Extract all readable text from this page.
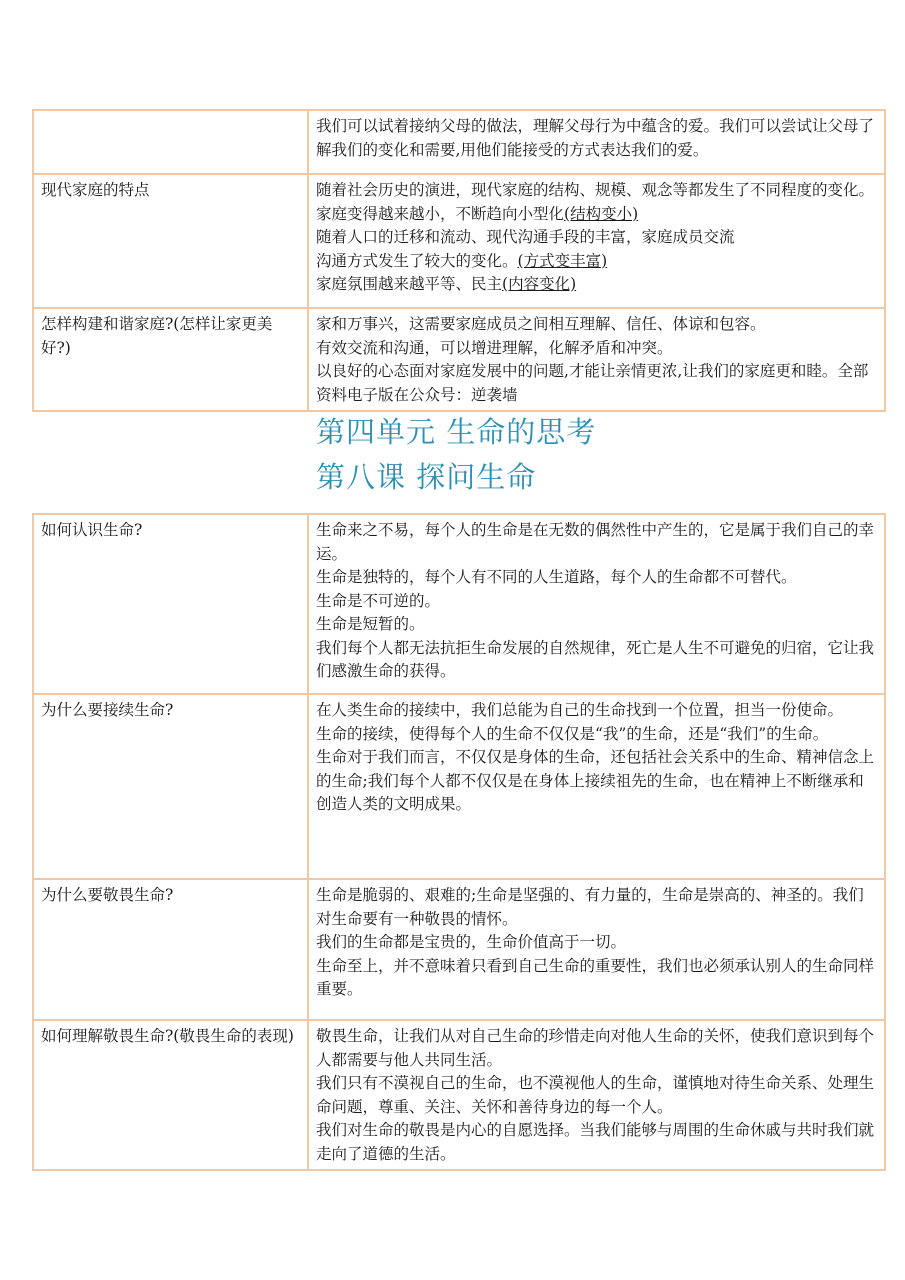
	我们可以试着接纳父母的做法，理解父母行为中蕴含的爱。我们可以尝试让父母了解我们的变化和需要,用他们能接受的方式表达我们的爱。

现代家庭的特点	随着社会历史的演进，现代家庭的结构、规模、观念等都发生了不同程度的变化。家庭变得越来越小，不断趋向小型化(结构变小)
随着人口的迁移和流动、现代沟通手段的丰富，家庭成员交流
沟通方式发生了较大的变化。(方式变丰富)
家庭氛围越来越平等、民主(内容变化)

怎样构建和谐家庭?(怎样让家更美好?)	家和万事兴，这需要家庭成员之间相互理解、信任、体谅和包容。
有效交流和沟通，可以增进理解，化解矛盾和冲突。
以良好的心态面对家庭发展中的问题,才能让亲情更浓,让我们的家庭更和睦。全部资料电子版在公众号：逆袭墙
第四单元 生命的思考
第八课 探问生命
如何认识生命?	生命来之不易，每个人的生命是在无数的偶然性中产生的，它是属于我们自己的幸运。
生命是独特的，每个人有不同的人生道路，每个人的生命都不可替代。
生命是不可逆的。
生命是短暂的。
我们每个人都无法抗拒生命发展的自然规律，死亡是人生不可避免的归宿，它让我们感激生命的获得。

为什么要接续生命?	在人类生命的接续中，我们总能为自己的生命找到一个位置，担当一份使命。
生命的接续，使得每个人的生命不仅仅是“我”的生命，还是“我们”的生命。
生命对于我们而言，不仅仅是身体的生命，还包括社会关系中的生命、精神信念上的生命;我们每个人都不仅仅是在身体上接续祖先的生命，也在精神上不断继承和创造人类的文明成果。

为什么要敬畏生命?	生命是脆弱的、艰难的;生命是坚强的、有力量的，生命是崇高的、神圣的。我们对生命要有一种敬畏的情怀。
我们的生命都是宝贵的，生命价值高于一切。
生命至上，并不意味着只看到自己生命的重要性，我们也必须承认别人的生命同样重要。

如何理解敬畏生命?(敬畏生命的表现)	敬畏生命，让我们从对自己生命的珍惜走向对他人生命的关怀，使我们意识到每个人都需要与他人共同生活。
我们只有不漠视自己的生命，也不漠视他人的生命，谨慎地对待生命关系、处理生命问题，尊重、关注、关怀和善待身边的每一个人。
我们对生命的敬畏是内心的自愿选择。当我们能够与周围的生命休戚与共时我们就走向了道德的生活。
